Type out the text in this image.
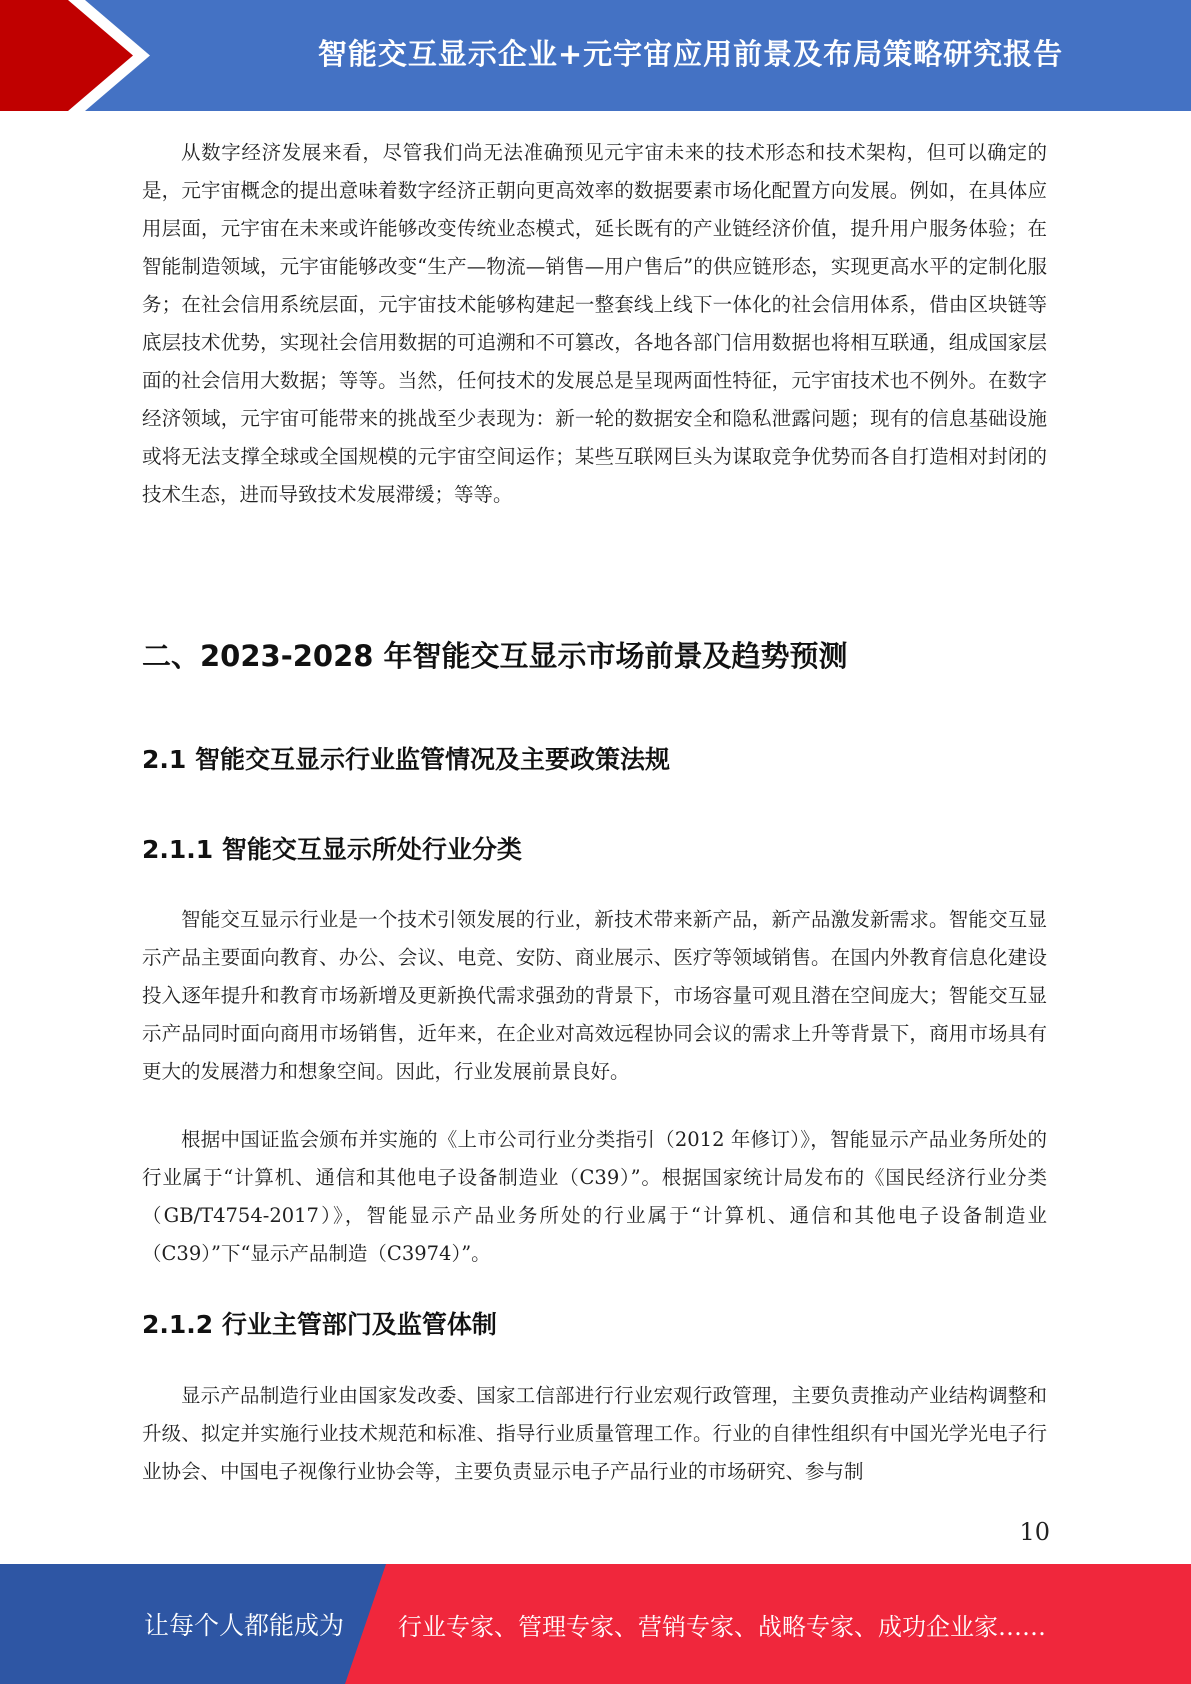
智能交互显示企业+元宇宙应用前景及布局策略研究报告

从数字经济发展来看，尽管我们尚无法准确预见元宇宙未来的技术形态和技术架构，但可以确定的是，元宇宙概念的提出意味着数字经济正朝向更高效率的数据要素市场化配置方向发展。例如，在具体应用层面，元宇宙在未来或许能够改变传统业态模式，延长既有的产业链经济价值，提升用户服务体验；在智能制造领域，元宇宙能够改变“生产—物流—销售—用户售后”的供应链形态，实现更高水平的定制化服务；在社会信用系统层面，元宇宙技术能够构建起一整套线上线下一体化的社会信用体系，借由区块链等底层技术优势，实现社会信用数据的可追溯和不可篡改，各地各部门信用数据也将相互联通，组成国家层面的社会信用大数据；等等。当然，任何技术的发展总是呈现两面性特征，元宇宙技术也不例外。在数字经济领域，元宇宙可能带来的挑战至少表现为：新一轮的数据安全和隐私泄露问题；现有的信息基础设施或将无法支撑全球或全国规模的元宇宙空间运作；某些互联网巨头为谋取竞争优势而各自打造相对封闭的技术生态，进而导致技术发展滞缓；等等。

二、2023-2028 年智能交互显示市场前景及趋势预测
2.1 智能交互显示行业监管情况及主要政策法规
2.1.1 智能交互显示所处行业分类

智能交互显示行业是一个技术引领发展的行业，新技术带来新产品，新产品激发新需求。智能交互显示产品主要面向教育、办公、会议、电竞、安防、商业展示、医疗等领域销售。在国内外教育信息化建设投入逐年提升和教育市场新增及更新换代需求强劲的背景下，市场容量可观且潜在空间庞大；智能交互显示产品同时面向商用市场销售，近年来，在企业对高效远程协同会议的需求上升等背景下，商用市场具有更大的发展潜力和想象空间。因此，行业发展前景良好。

根据中国证监会颁布并实施的《上市公司行业分类指引（2012 年修订）》，智能显示产品业务所处的行业属于“计算机、通信和其他电子设备制造业（C39）”。根据国家统计局发布的《国民经济行业分类（GB/T4754-2017）》，智能显示产品业务所处的行业属于“计算机、通信和其他电子设备制造业（C39）”下“显示产品制造（C3974）”。

2.1.2 行业主管部门及监管体制

显示产品制造行业由国家发改委、国家工信部进行行业宏观行政管理，主要负责推动产业结构调整和升级、拟定并实施行业技术规范和标准、指导行业质量管理工作。行业的自律性组织有中国光学光电子行业协会、中国电子视像行业协会等，主要负责显示电子产品行业的市场研究、参与制

10
让每个人都能成为 行业专家、管理专家、营销专家、战略专家、成功企业家……
